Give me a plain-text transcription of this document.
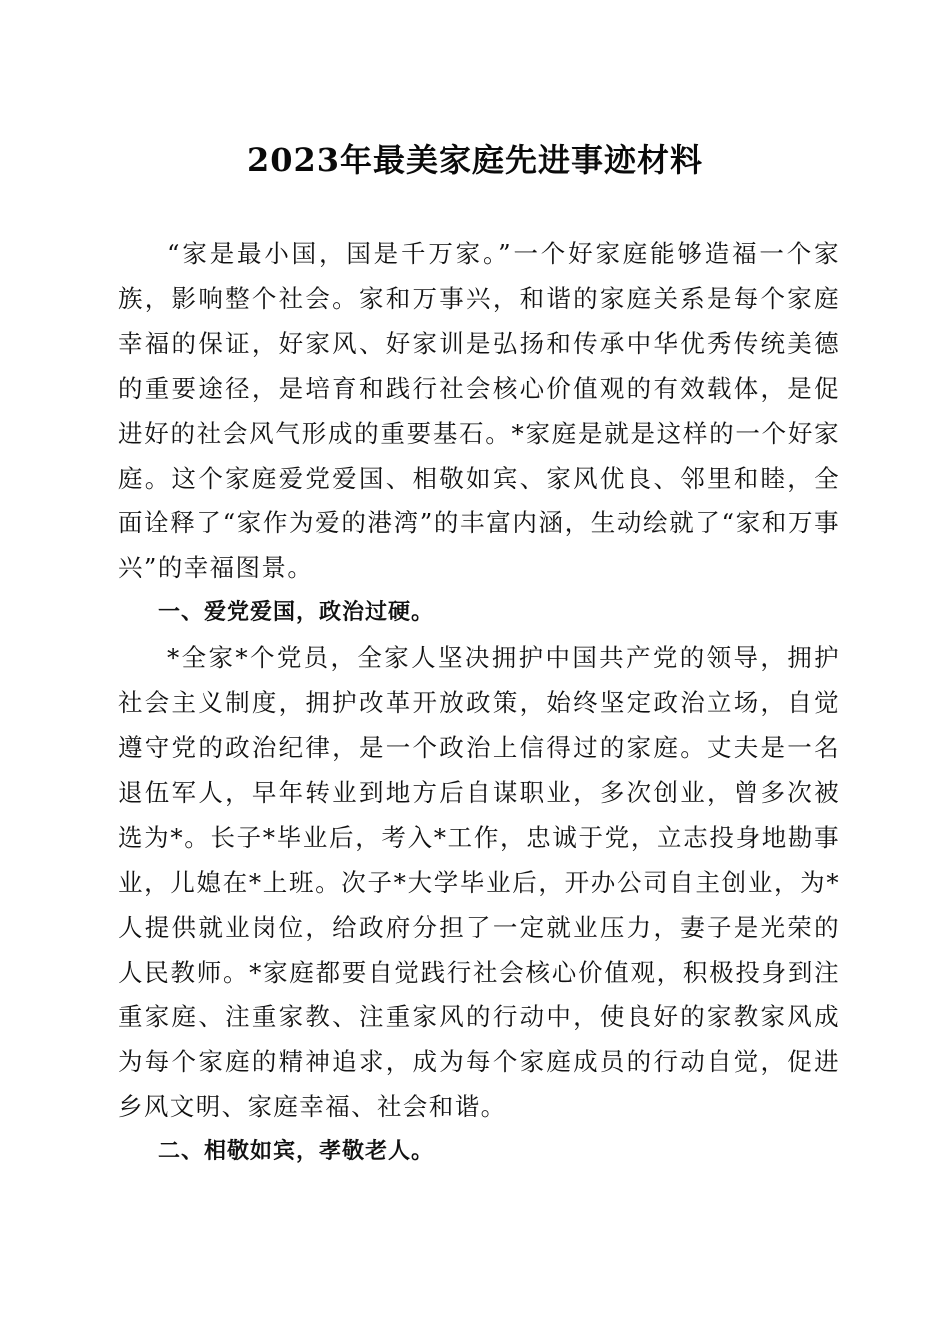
2023年最美家庭先进事迹材料

“家是最小国，国是千万家。”一个好家庭能够造福一个家族，影响整个社会。家和万事兴，和谐的家庭关系是每个家庭幸福的保证，好家风、好家训是弘扬和传承中华优秀传统美德的重要途径，是培育和践行社会核心价值观的有效载体，是促进好的社会风气形成的重要基石。*家庭是就是这样的一个好家庭。这个家庭爱党爱国、相敬如宾、家风优良、邻里和睦，全面诠释了“家作为爱的港湾”的丰富内涵，生动绘就了“家和万事兴”的幸福图景。

一、爱党爱国，政治过硬。

*全家*个党员，全家人坚决拥护中国共产党的领导，拥护社会主义制度，拥护改革开放政策，始终坚定政治立场，自觉遵守党的政治纪律，是一个政治上信得过的家庭。丈夫是一名退伍军人，早年转业到地方后自谋职业，多次创业，曾多次被选为*。长子*毕业后，考入*工作，忠诚于党，立志投身地勘事业，儿媳在*上班。次子*大学毕业后，开办公司自主创业，为*人提供就业岗位，给政府分担了一定就业压力，妻子是光荣的人民教师。*家庭都要自觉践行社会核心价值观，积极投身到注重家庭、注重家教、注重家风的行动中，使良好的家教家风成为每个家庭的精神追求，成为每个家庭成员的行动自觉，促进乡风文明、家庭幸福、社会和谐。

二、相敬如宾，孝敬老人。
